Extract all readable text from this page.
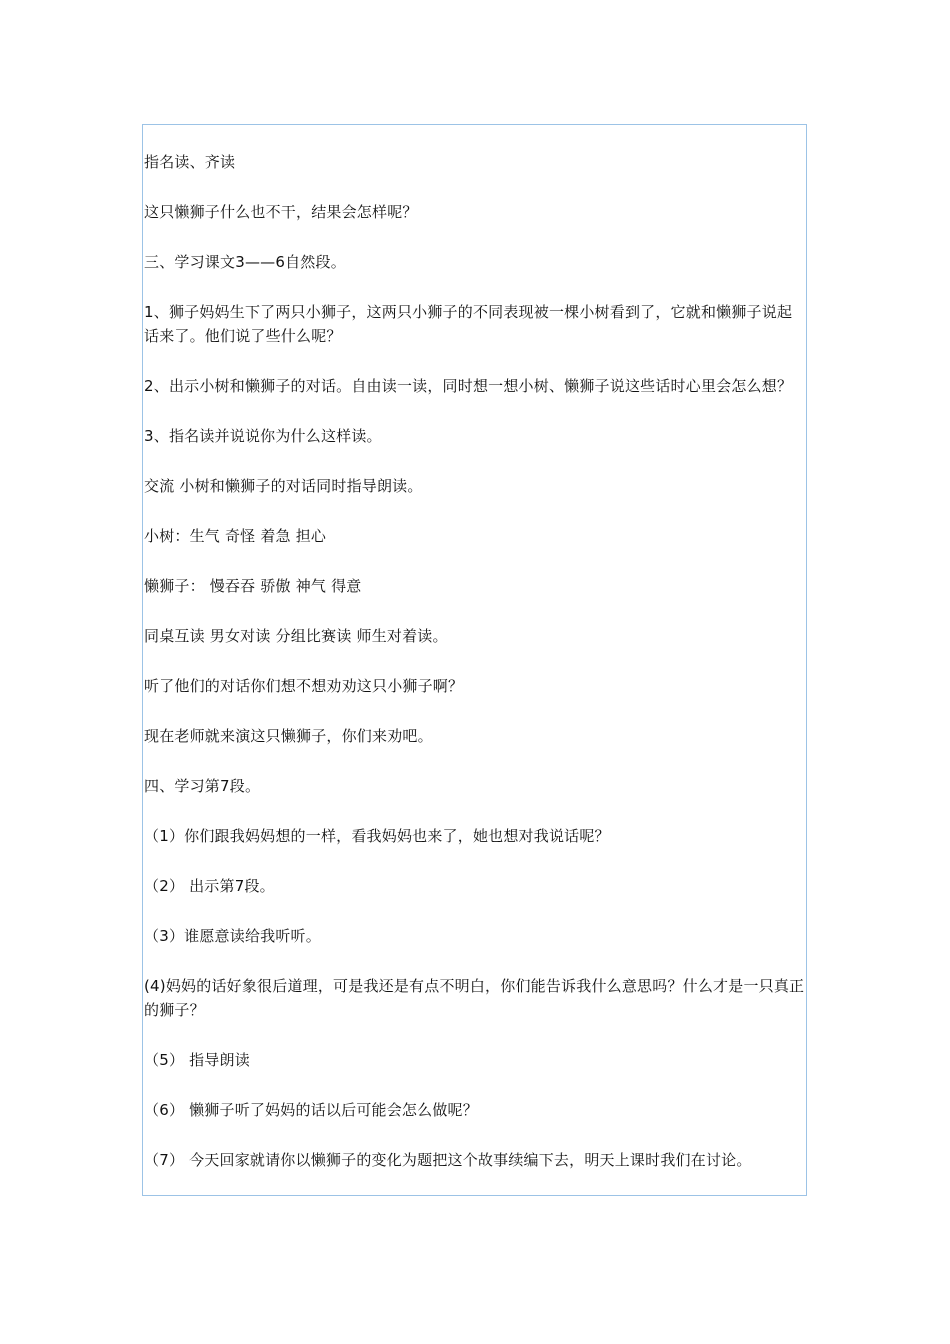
指名读、齐读

这只懒狮子什么也不干，结果会怎样呢？

三、学习课文3——6自然段。

1、狮子妈妈生下了两只小狮子，这两只小狮子的不同表现被一棵小树看到了，它就和懒狮子说起话来了。他们说了些什么呢？

2、出示小树和懒狮子的对话。自由读一读，同时想一想小树、懒狮子说这些话时心里会怎么想？

3、指名读并说说你为什么这样读。

交流 小树和懒狮子的对话同时指导朗读。

小树：生气 奇怪 着急 担心

懒狮子： 慢吞吞 骄傲 神气 得意

同桌互读 男女对读 分组比赛读 师生对着读。

听了他们的对话你们想不想劝劝这只小狮子啊？

现在老师就来演这只懒狮子，你们来劝吧。

四、学习第7段。

（1）你们跟我妈妈想的一样，看我妈妈也来了，她也想对我说话呢？

（2） 出示第7段。

（3）谁愿意读给我听听。

(4)妈妈的话好象很后道理，可是我还是有点不明白，你们能告诉我什么意思吗？什么才是一只真正的狮子？

（5） 指导朗读

（6） 懒狮子听了妈妈的话以后可能会怎么做呢？

（7） 今天回家就请你以懒狮子的变化为题把这个故事续编下去，明天上课时我们在讨论。
